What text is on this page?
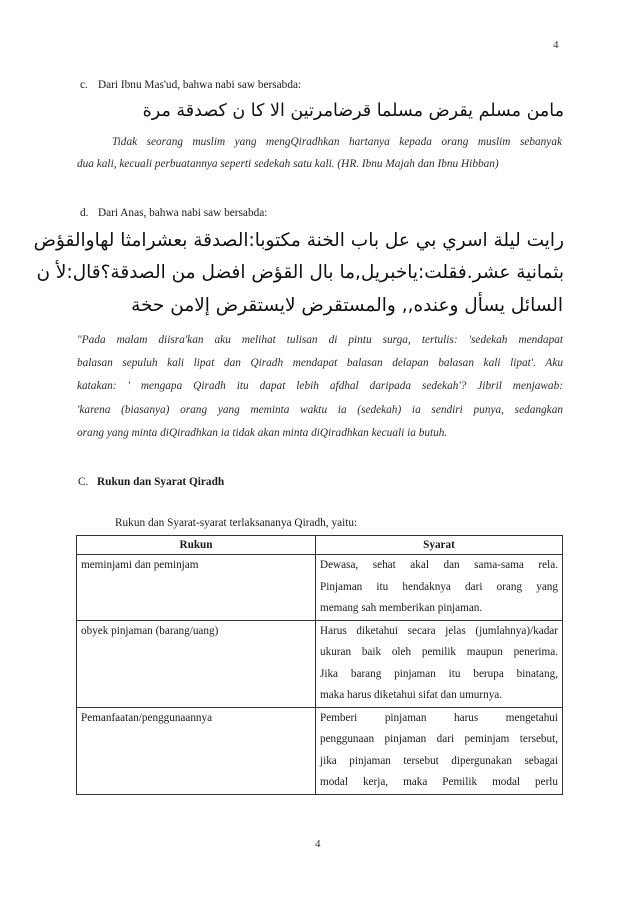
4
c. Dari Ibnu Mas'ud, bahwa nabi saw bersabda:
مامن مسلم يقرض مسلما قرضامرتين الا كا ن كصدقة مرة
Tidak seorang muslim yang mengQiradhkan hartanya kepada orang muslim sebanyak
dua kali, kecuali perbuatannya seperti sedekah satu kali. (HR. Ibnu Majah dan Ibnu Hibban)
d. Dari Anas, bahwa nabi saw bersabda:
رايت ليلة اسري بي عل باب الخنة مكتوبا:الصدقة بعشرامثا لهاوالقؤض
بثمانية عشر.فقلت:ياخبريل,ما بال القؤض افضل من الصدقة؟قال:لأ ن
السائل يسأل وعنده,, والمستقرض لايستقرض إلامن حخة
"Pada malam diisra'kan aku melihat tulisan di pintu surga, tertulis: 'sedekah mendapat
balasan sepuluh kali lipat dan Qiradh mendapat balasan delapan balasan kali lipat'. Aku
katakan: ' mengapa Qiradh itu dapat lebih afdhal daripada sedekah'? Jibril menjawab:
'karena (biasanya) orang yang meminta waktu ia (sedekah) ia sendiri punya, sedangkan
orang yang minta diQiradhkan ia tidak akan minta diQiradhkan kecuali ia butuh.
C. Rukun dan Syarat Qiradh
Rukun dan Syarat-syarat terlaksananya Qiradh, yaitu:
Rukun	Syarat
meminjami dan peminjam	Dewasa, sehat akal dan sama-sama rela.
Pinjaman itu hendaknya dari orang yang
memang sah memberikan pinjaman.

obyek pinjaman (barang/uang)	Harus diketahui secara jelas (jumlahnya)/kadar
ukuran baik oleh pemilik maupun penerima.
Jika barang pinjaman itu berupa binatang,
maka harus diketahui sifat dan umurnya.

Pemanfaatan/penggunaannya	Pemberi pinjaman harus mengetahui
penggunaan pinjaman dari peminjam tersebut,
jika pinjaman tersebut dipergunakan sebagai
modal kerja, maka Pemilik modal perlu
4
